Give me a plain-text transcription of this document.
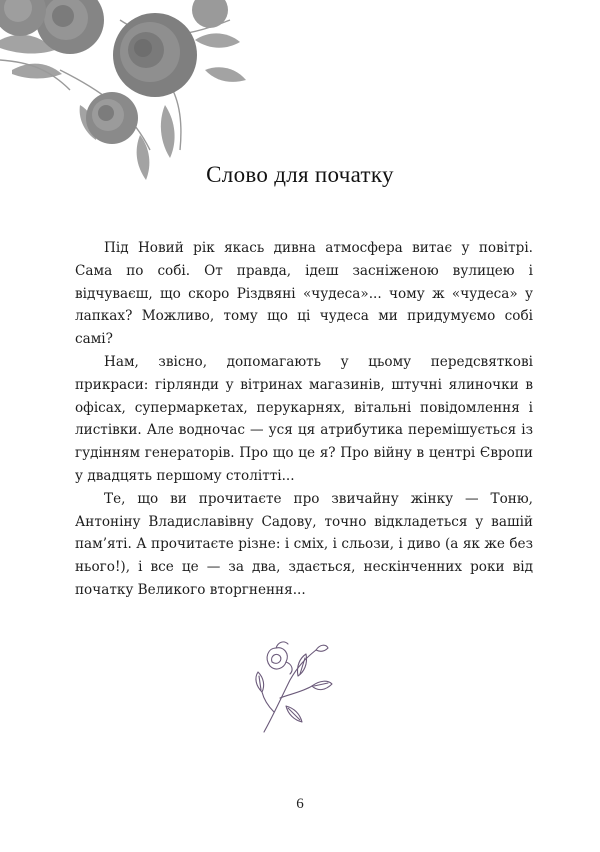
Слово для початку

Під Новий рік якась дивна атмосфера витає у повітрі. Сама по собі. От правда, ідеш засніженою вулицею і відчуваєш, що скоро Різдвяні «чудеса»... чому ж «чудеса» у лапках? Можливо, тому що ці чудеса ми придумуємо собі самі?

Нам, звісно, допомагають у цьому передсвяткові прикраси: гірлянди у вітринах магазинів, штучні ялиночки в офісах, супермаркетах, перукарнях, вітальні повідомлення і листівки. Але водночас — уся ця атрибутика перемішується із гудінням генераторів. Про що це я? Про війну в центрі Європи у двадцять першому столітті...

Те, що ви прочитаєте про звичайну жінку — Тоню, Антоніну Владиславівну Садову, точно відкладеться у вашій пам’яті. А прочитаєте різне: і сміх, і сльози, і диво (а як же без нього!), і все це — за два, здається, нескінченних роки від початку Великого вторгнення...

6
